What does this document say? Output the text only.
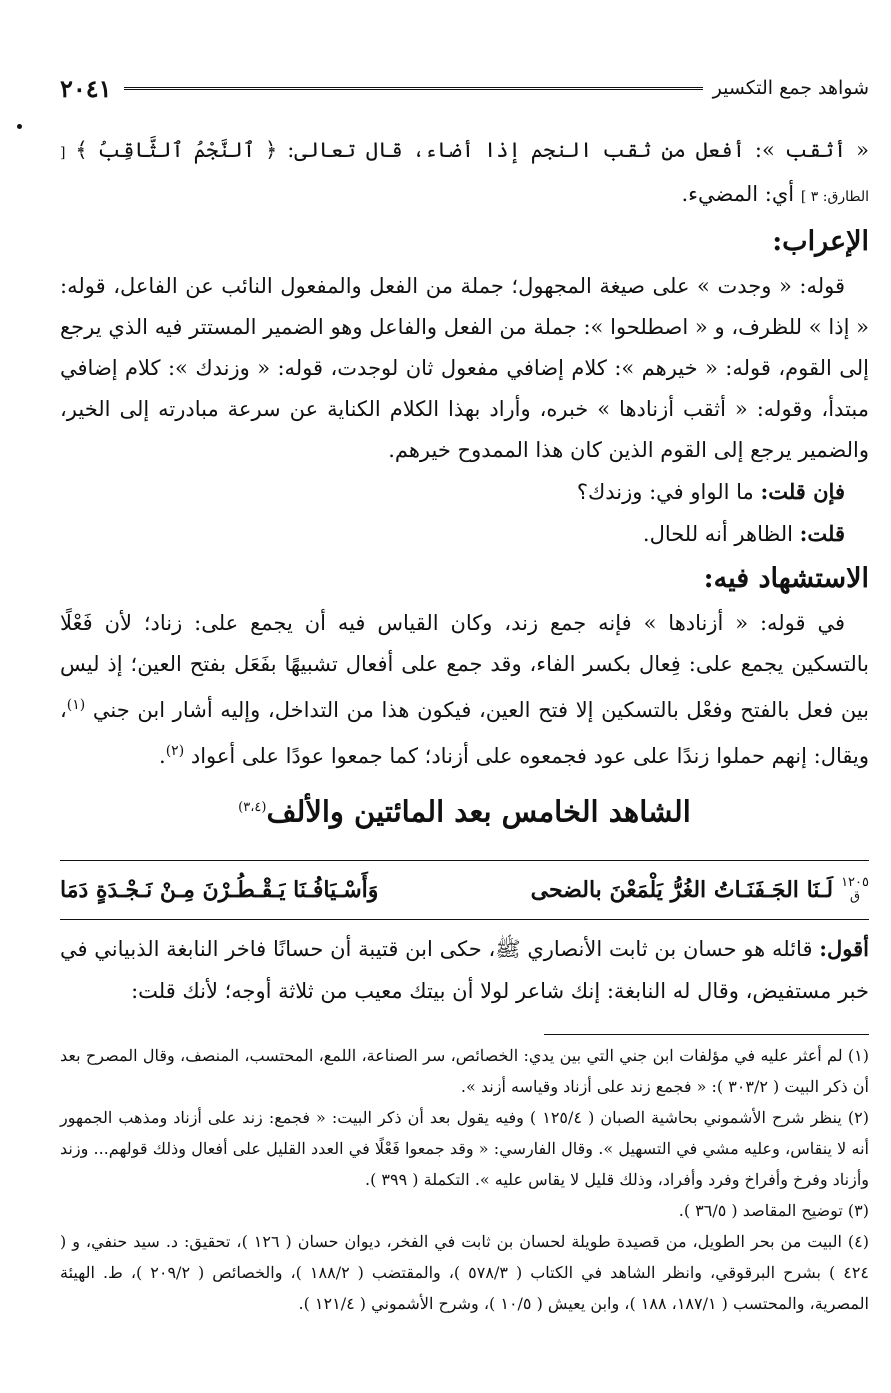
شواهد جمع التكسير
٢٠٤١

« أثقب »: أفعل من ثقب النجم إذا أضاء، قال تعالى: ﴿ ٱلنَّجْمُ ٱلثَّاقِبُ ﴾ [ الطارق: ٣ ] أي: المضيء.

الإعراب:

قوله: « وجدت » على صيغة المجهول؛ جملة من الفعل والمفعول النائب عن الفاعل، قوله: « إذا » للظرف، و « اصطلحوا »: جملة من الفعل والفاعل وهو الضمير المستتر فيه الذي يرجع إلى القوم، قوله: « خيرهم »: كلام إضافي مفعول ثان لوجدت، قوله: « وزندك »: كلام إضافي مبتدأ، وقوله: « أثقب أزنادها » خبره، وأراد بهذا الكلام الكناية عن سرعة مبادرته إلى الخير، والضمير يرجع إلى القوم الذين كان هذا الممدوح خيرهم.

فإن قلت: ما الواو في: وزندك؟

قلت: الظاهر أنه للحال.

الاستشهاد فيه:

في قوله: « أزنادها » فإنه جمع زند، وكان القياس فيه أن يجمع على: زناد؛ لأن فَعْلًا بالتسكين يجمع على: فِعال بكسر الفاء، وقد جمع على أفعال تشبيهًا بفَعَل بفتح العين؛ إذ ليس بين فعل بالفتح وفعْل بالتسكين إلا فتح العين، فيكون هذا من التداخل، وإليه أشار ابن جني $^{(١)}$، ويقال: إنهم حملوا زندًا على عود فجمعوه على أزناد؛ كما جمعوا عودًا على أعواد $^{(٢)}$.

الشاهد الخامس بعد المائتين والألف$^{(٣،٤)}$
١٢٠٥
ق
لَـنَا الجَـفَنَـاتُ الغُرُّ يَلْمَعْنَ بالضحى
وَأَسْـيَافُـنَا يَـقْـطُـرْنَ مِـنْ نَـجْـدَةٍ دَمَا

أقول: قائله هو حسان بن ثابت الأنصاري ﷺ، حكى ابن قتيبة أن حسانًا فاخر النابغة الذبياني في خبر مستفيض، وقال له النابغة: إنك شاعر لولا أن بيتك معيب من ثلاثة أوجه؛ لأنك قلت:

(١) لم أعثر عليه في مؤلفات ابن جني التي بين يدي: الخصائص، سر الصناعة، اللمع، المحتسب، المنصف، وقال المصرح بعد أن ذكر البيت ( ٣٠٣/٢ ): « فجمع زند على أزناد وقياسه أزند ».

(٢) ينظر شرح الأشموني بحاشية الصبان ( ١٢٥/٤ ) وفيه يقول بعد أن ذكر البيت: « فجمع: زند على أزناد ومذهب الجمهور أنه لا ينقاس، وعليه مشي في التسهيل ». وقال الفارسي: « وقد جمعوا فَعْلًا في العدد القليل على أفعال وذلك قولهم... وزند وأزناد وفرخ وأفراخ وفرد وأفراد، وذلك قليل لا يقاس عليه ». التكملة ( ٣٩٩ ).

(٣) توضيح المقاصد ( ٣٦/٥ ).

(٤) البيت من بحر الطويل، من قصيدة طويلة لحسان بن ثابت في الفخر، ديوان حسان ( ١٢٦ )، تحقيق: د. سيد حنفي، و ( ٤٢٤ ) بشرح البرقوقي، وانظر الشاهد في الكتاب ( ٥٧٨/٣ )، والمقتضب ( ١٨٨/٢ )، والخصائص ( ٢٠٩/٢ )، ط. الهيئة المصرية، والمحتسب ( ١٨٧/١، ١٨٨ )، وابن يعيش ( ١٠/٥ )، وشرح الأشموني ( ١٢١/٤ ).
